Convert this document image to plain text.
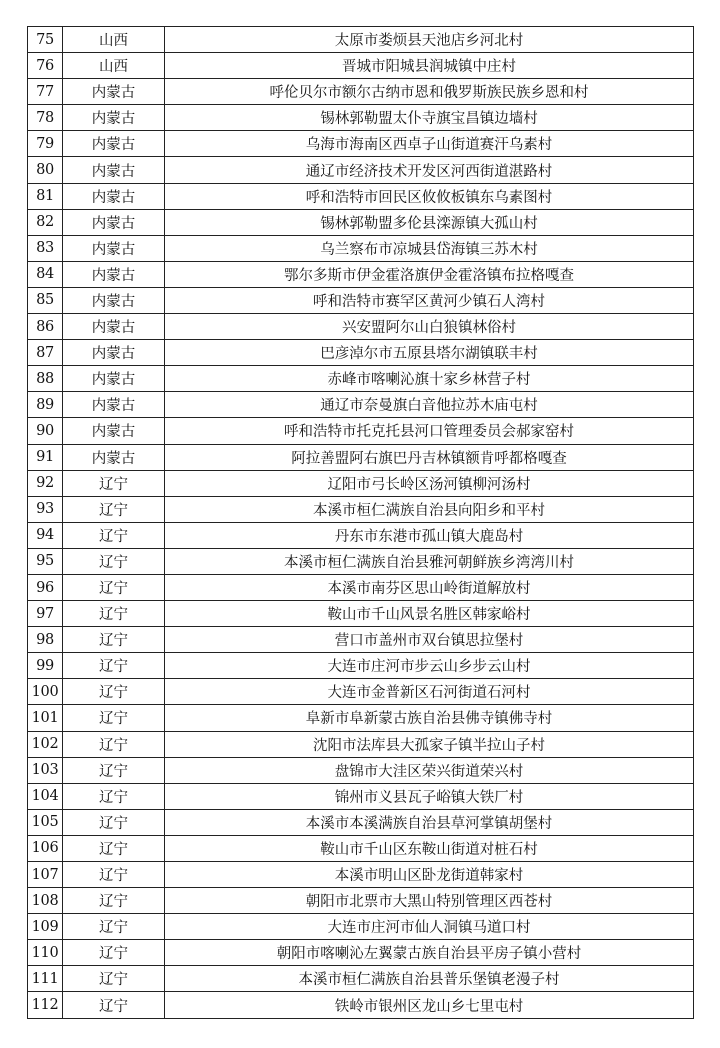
75	山西	太原市娄烦县天池店乡河北村
76	山西	晋城市阳城县润城镇中庄村
77	内蒙古	呼伦贝尔市额尔古纳市恩和俄罗斯族民族乡恩和村
78	内蒙古	锡林郭勒盟太仆寺旗宝昌镇边墙村
79	内蒙古	乌海市海南区西卓子山街道赛汗乌素村
80	内蒙古	通辽市经济技术开发区河西街道湛路村
81	内蒙古	呼和浩特市回民区攸攸板镇东乌素图村
82	内蒙古	锡林郭勒盟多伦县滦源镇大孤山村
83	内蒙古	乌兰察布市凉城县岱海镇三苏木村
84	内蒙古	鄂尔多斯市伊金霍洛旗伊金霍洛镇布拉格嘎查
85	内蒙古	呼和浩特市赛罕区黄河少镇石人湾村
86	内蒙古	兴安盟阿尔山白狼镇林俗村
87	内蒙古	巴彦淖尔市五原县塔尔湖镇联丰村
88	内蒙古	赤峰市喀喇沁旗十家乡林营子村
89	内蒙古	通辽市奈曼旗白音他拉苏木庙屯村
90	内蒙古	呼和浩特市托克托县河口管理委员会郝家窑村
91	内蒙古	阿拉善盟阿右旗巴丹吉林镇额肯呼都格嘎查
92	辽宁	辽阳市弓长岭区汤河镇柳河汤村
93	辽宁	本溪市桓仁满族自治县向阳乡和平村
94	辽宁	丹东市东港市孤山镇大鹿岛村
95	辽宁	本溪市桓仁满族自治县雅河朝鲜族乡湾湾川村
96	辽宁	本溪市南芬区思山岭街道解放村
97	辽宁	鞍山市千山风景名胜区韩家峪村
98	辽宁	营口市盖州市双台镇思拉堡村
99	辽宁	大连市庄河市步云山乡步云山村
100	辽宁	大连市金普新区石河街道石河村
101	辽宁	阜新市阜新蒙古族自治县佛寺镇佛寺村
102	辽宁	沈阳市法库县大孤家子镇半拉山子村
103	辽宁	盘锦市大洼区荣兴街道荣兴村
104	辽宁	锦州市义县瓦子峪镇大铁厂村
105	辽宁	本溪市本溪满族自治县草河掌镇胡堡村
106	辽宁	鞍山市千山区东鞍山街道对桩石村
107	辽宁	本溪市明山区卧龙街道韩家村
108	辽宁	朝阳市北票市大黑山特别管理区西苍村
109	辽宁	大连市庄河市仙人洞镇马道口村
110	辽宁	朝阳市喀喇沁左翼蒙古族自治县平房子镇小营村
111	辽宁	本溪市桓仁满族自治县普乐堡镇老漫子村
112	辽宁	铁岭市银州区龙山乡七里屯村
